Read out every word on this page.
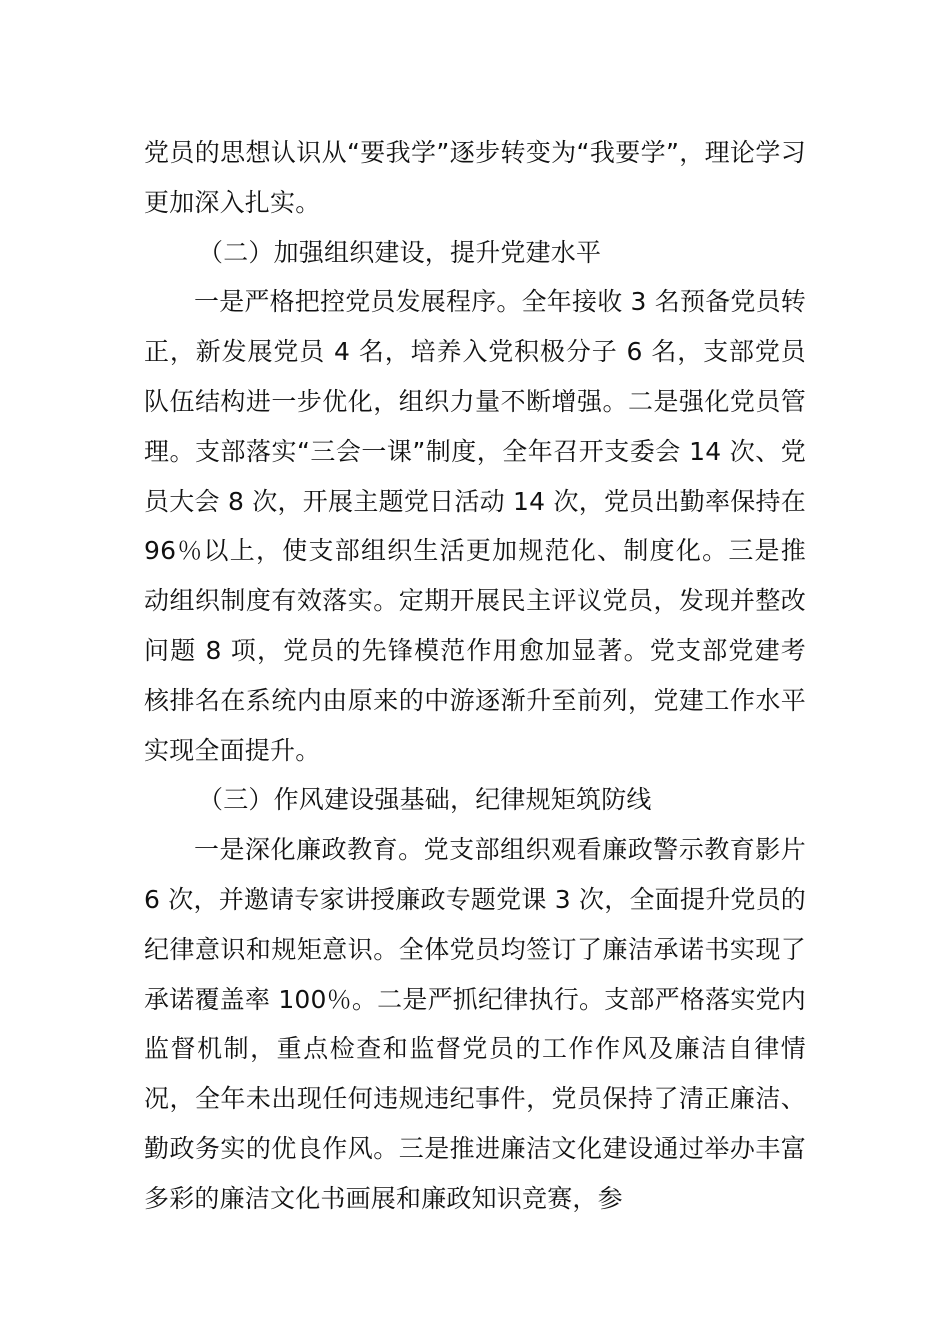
党员的思想认识从“要我学”逐步转变为“我要学”，理论学习更加深入扎实。

（二）加强组织建设，提升党建水平

一是严格把控党员发展程序。全年接收 3 名预备党员转正，新发展党员 4 名，培养入党积极分子 6 名，支部党员队伍结构进一步优化，组织力量不断增强。二是强化党员管理。支部落实“三会一课”制度，全年召开支委会 14 次、党员大会 8 次，开展主题党日活动 14 次，党员出勤率保持在 96％以上，使支部组织生活更加规范化、制度化。三是推动组织制度有效落实。定期开展民主评议党员，发现并整改问题 8 项，党员的先锋模范作用愈加显著。党支部党建考核排名在系统内由原来的中游逐渐升至前列，党建工作水平实现全面提升。

（三）作风建设强基础，纪律规矩筑防线

一是深化廉政教育。党支部组织观看廉政警示教育影片 6 次，并邀请专家讲授廉政专题党课 3 次，全面提升党员的纪律意识和规矩意识。全体党员均签订了廉洁承诺书实现了承诺覆盖率 100％。二是严抓纪律执行。支部严格落实党内监督机制，重点检查和监督党员的工作作风及廉洁自律情况，全年未出现任何违规违纪事件，党员保持了清正廉洁、勤政务实的优良作风。三是推进廉洁文化建设通过举办丰富多彩的廉洁文化书画展和廉政知识竞赛，参
